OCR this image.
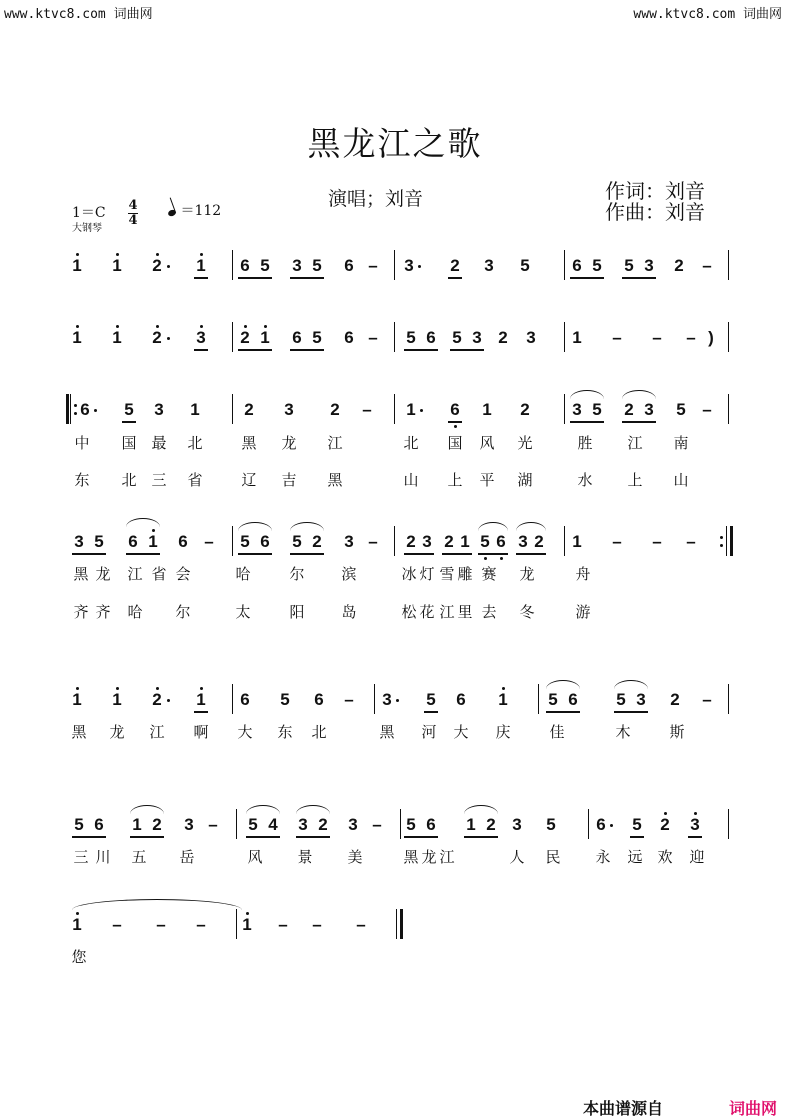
www.ktvc8.com 词曲网	www.ktvc8.com 词曲网
黑龙江之歌
演唱；刘音	作词：刘音
作曲：刘音
1＝C
大钢琴
4
4
＝112
1 1 2 1 6 5 3 5 6 – 3 2 3 5	6 5 5 3 2 –
1 1 2 3 2 1 6 5 6 – 5 6 5 3 2 3 1 – – – )
6 5 3 1	2 3 2 – 1 6 1 2	3 5 2 3 5 –
中 国 最 北	黑 龙 江	北 国 风 光	胜 江 南
东 北 三 省	辽 吉 黑	山 上 平 湖	水 上 山
3 5 6 1 6 – 5 6 5 2 3 – 2 3 2 1 5 6 3 2 1 – – –
黑 龙 江 省 会	哈	尔 滨	冰 灯 雪 雕 赛 龙	舟
齐 齐 哈 尔	太	阳 岛	松 花 江 里 去 冬	游
1 1 2 1 6 5 6 – 3 5 6 1 5 6 5 3 2 –
黑 龙 江 啊 大 东 北	黑 河 大 庆	佳	木	斯
5 6 1 2 3 – 5 4 3 2 3 – 5 6 1 2 3 5 6 5 2 3
三 川 五 岳	风 景 美	黑 龙 江	人 民 永 远 欢 迎
1 – – – 1 – – –
您
本曲谱源自	词曲网
